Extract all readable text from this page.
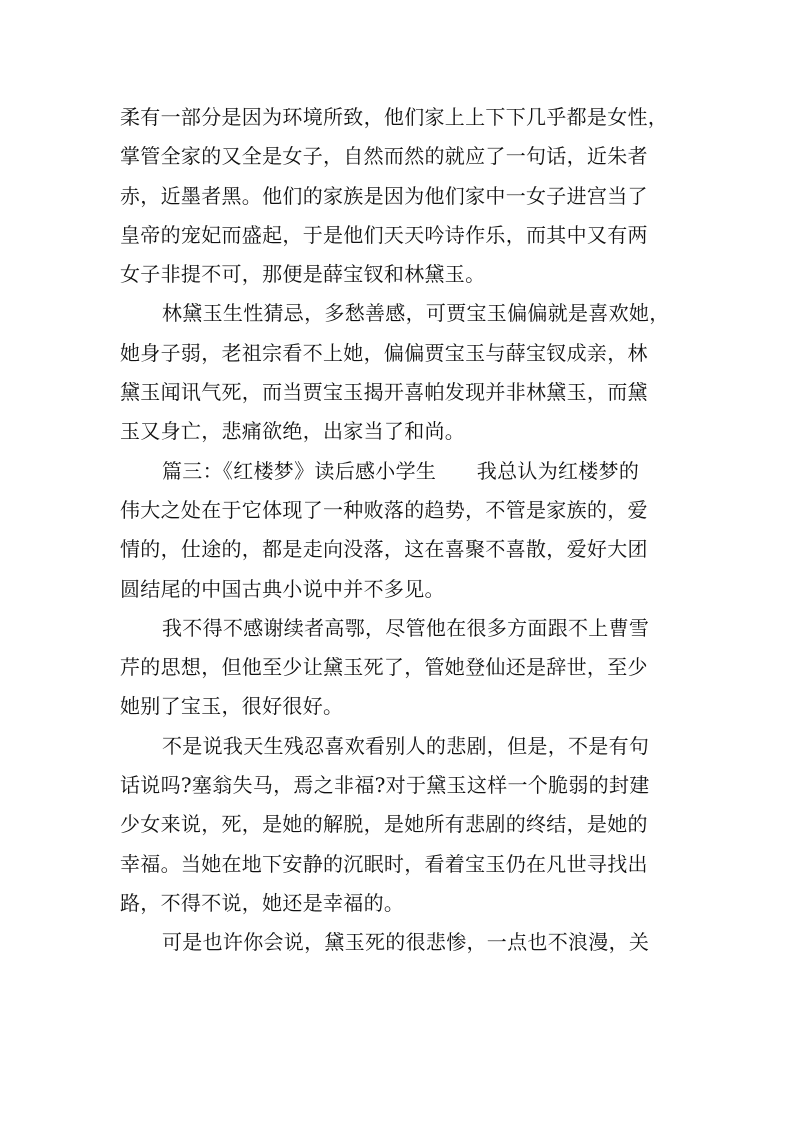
柔有一部分是因为环境所致，他们家上上下下几乎都是女性，
掌管全家的又全是女子，自然而然的就应了一句话，近朱者
赤，近墨者黑。他们的家族是因为他们家中一女子进宫当了
皇帝的宠妃而盛起，于是他们天天吟诗作乐，而其中又有两
女子非提不可，那便是薛宝钗和林黛玉。
林黛玉生性猜忌，多愁善感，可贾宝玉偏偏就是喜欢她，
她身子弱，老祖宗看不上她，偏偏贾宝玉与薛宝钗成亲，林
黛玉闻讯气死，而当贾宝玉揭开喜帕发现并非林黛玉，而黛
玉又身亡，悲痛欲绝，出家当了和尚。
篇三：《红楼梦》读后感小学生　　我总认为红楼梦的
伟大之处在于它体现了一种败落的趋势，不管是家族的，爱
情的，仕途的，都是走向没落，这在喜聚不喜散，爱好大团
圆结尾的中国古典小说中并不多见。
我不得不感谢续者高鄂，尽管他在很多方面跟不上曹雪
芹的思想，但他至少让黛玉死了，管她登仙还是辞世，至少
她别了宝玉，很好很好。
不是说我天生残忍喜欢看别人的悲剧，但是，不是有句
话说吗?塞翁失马，焉之非福?对于黛玉这样一个脆弱的封建
少女来说，死，是她的解脱，是她所有悲剧的终结，是她的
幸福。当她在地下安静的沉眠时，看着宝玉仍在凡世寻找出
路，不得不说，她还是幸福的。
可是也许你会说，黛玉死的很悲惨，一点也不浪漫，关
